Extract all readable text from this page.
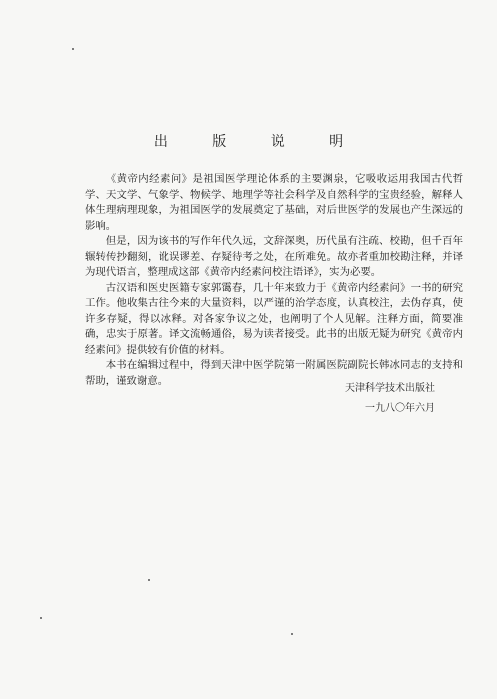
出 版 说 明

《黄帝内经素问》是祖国医学理论体系的主要渊泉，它吸收运用我国古代哲学、天文学、气象学、物候学、地理学等社会科学及自然科学的宝贵经验，解释人体生理病理现象，为祖国医学的发展奠定了基础，对后世医学的发展也产生深远的影响。

但是，因为该书的写作年代久远，文辞深奥，历代虽有注疏、校勘，但千百年辗转传抄翻刻，讹误谬差、存疑待考之处，在所难免。故亦者重加校勘注释，并译为现代语言，整理成这部《黄帝内经素问校注语译》，实为必要。

古汉语和医史医籍专家郭霭春，几十年来致力于《黄帝内经素问》一书的研究工作。他收集古往今来的大量资料，以严谨的治学态度，认真校注，去伪存真，使许多存疑，得以冰释。对各家争议之处，也阐明了个人见解。注释方面，简要准确，忠实于原著。译文流畅通俗，易为读者接受。此书的出版无疑为研究《黄帝内经素问》提供较有价值的材料。

本书在编辑过程中，得到天津中医学院第一附属医院副院长韩冰同志的支持和帮助，谨致谢意。

天津科学技术出版社
一九八〇年六月
